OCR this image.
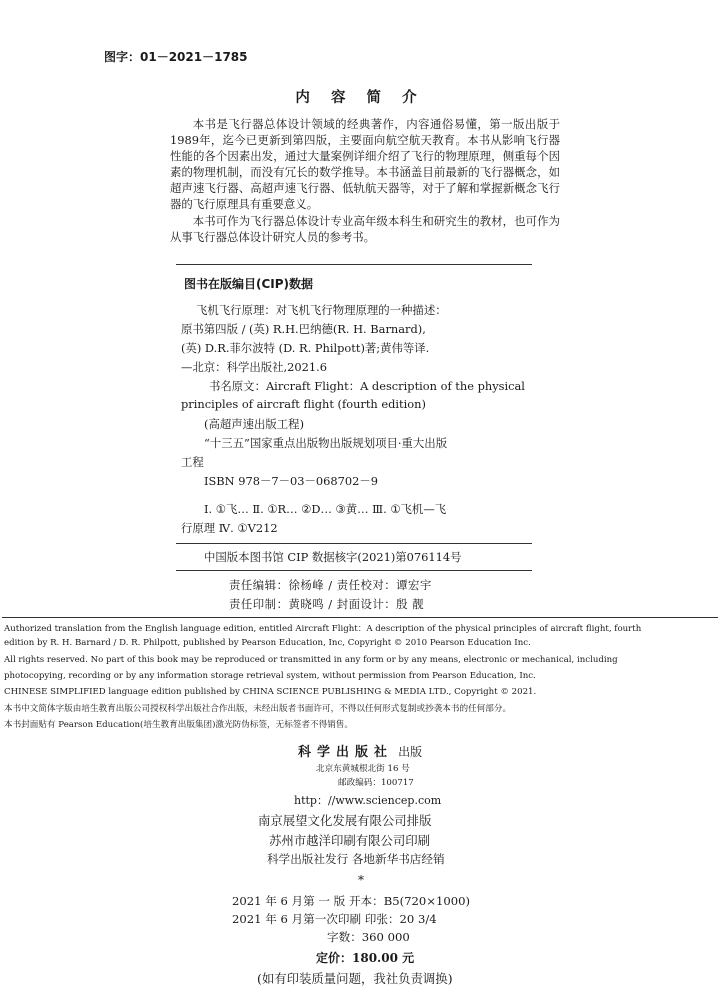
图字：01－2021－1785
内 容 简 介

本书是飞行器总体设计领域的经典著作，内容通俗易懂，第一版出版于1989年，迄今已更新到第四版，主要面向航空航天教育。本书从影响飞行器性能的各个因素出发，通过大量案例详细介绍了飞行的物理原理，侧重每个因素的物理机制，而没有冗长的数学推导。本书涵盖目前最新的飞行器概念，如超声速飞行器、高超声速飞行器、低轨航天器等，对于了解和掌握新概念飞行器的飞行原理具有重要意义。

本书可作为飞行器总体设计专业高年级本科生和研究生的教材，也可作为从事飞行器总体设计研究人员的参考书。

图书在版编目(CIP)数据
飞机飞行原理：对飞机飞行物理原理的一种描述：
原书第四版 / (英) R.H.巴纳德(R. H. Barnard),
(英) D.R.菲尔波特 (D. R. Philpott)著;黄伟等译.
—北京：科学出版社,2021.6
书名原文：Aircraft Flight：A description of the physical
principles of aircraft flight (fourth edition)
(高超声速出版工程)
“十三五”国家重点出版物出版规划项目·重大出版
工程
ISBN 978－7－03－068702－9
Ⅰ. ①飞… Ⅱ. ①R… ②D… ③黄… Ⅲ. ①飞机—飞
行原理 Ⅳ. ①V212
中国版本图书馆 CIP 数据核字(2021)第076114号
责任编辑：徐杨峰 / 责任校对：谭宏宇
责任印制：黄晓鸣 / 封面设计：殷 靓
Authorized translation from the English language edition, entitled Aircraft Flight：A description of the physical principles of aircraft flight, fourth
edition by R. H. Barnard / D. R. Philpott, published by Pearson Education, Inc, Copyright © 2010 Pearson Education Inc.
All rights reserved. No part of this book may be reproduced or transmitted in any form or by any means, electronic or mechanical, including
photocopying, recording or by any information storage retrieval system, without permission from Pearson Education, Inc.
CHINESE SIMPLIFIED language edition published by CHINA SCIENCE PUBLISHING & MEDIA LTD., Copyright © 2021.
本书中文简体字版由培生教育出版公司授权科学出版社合作出版，未经出版者书面许可，不得以任何形式复制或抄袭本书的任何部分。
本书封面贴有 Pearson Education(培生教育出版集团)激光防伪标签，无标签者不得销售。
科学出版社 出版
北京东黄城根北街 16 号
邮政编码：100717
http：//www.sciencep.com
南京展望文化发展有限公司排版
苏州市越洋印刷有限公司印刷
科学出版社发行 各地新华书店经销
*
2021 年 6 月第 一 版 开本：B5(720×1000)
2021 年 6 月第一次印刷 印张：20 3/4
字数：360 000
定价：180.00 元
(如有印装质量问题，我社负责调换)
